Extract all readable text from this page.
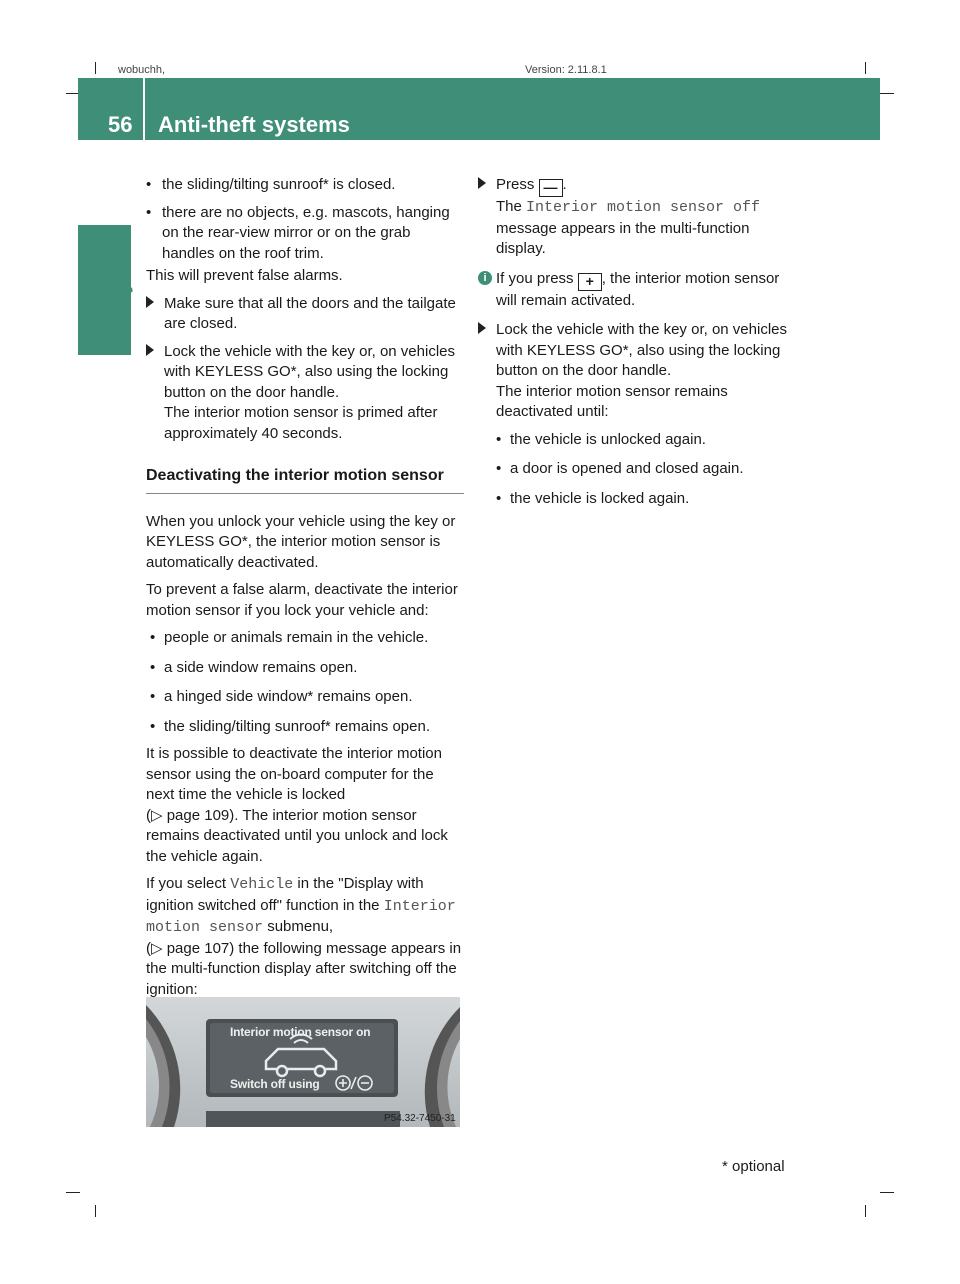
wobuchh,	Version: 2.11.8.1
56 Anti-theft systems
Safety

• the sliding/tilting sunroof* is closed.

• there are no objects, e.g. mascots, hanging on the rear-view mirror or on the grab handles on the roof trim.

This will prevent false alarms.

Make sure that all the doors and the tailgate are closed.
Lock the vehicle with the key or, on vehicles with KEYLESS GO*, also using the locking button on the door handle.

The interior motion sensor is primed after approximately 40 seconds.

Deactivating the interior motion sensor

When you unlock your vehicle using the key or KEYLESS GO*, the interior motion sensor is automatically deactivated.

To prevent a false alarm, deactivate the interior motion sensor if you lock your vehicle and:

• people or animals remain in the vehicle.

• a side window remains open.

• a hinged side window* remains open.

• the sliding/tilting sunroof* remains open.

It is possible to deactivate the interior motion sensor using the on-board computer for the next time the vehicle is locked

(▷ page 109). The interior motion sensor remains deactivated until you unlock and lock the vehicle again.

If you select Vehicle in the "Display with ignition switched off" function in the Interior motion sensor submenu,

(▷ page 107) the following message appears in the multi-function display after switching off the ignition:

Interior motion sensor on
Switch off using
P54.32-7450-31
Press — .

The Interior motion sensor off message appears in the multi-function display.

i If you press + , the interior motion sensor will remain activated.
Lock the vehicle with the key or, on vehicles with KEYLESS GO*, also using the locking button on the door handle.

The interior motion sensor remains deactivated until:

• the vehicle is unlocked again.

• a door is opened and closed again.

• the vehicle is locked again.

* optional
